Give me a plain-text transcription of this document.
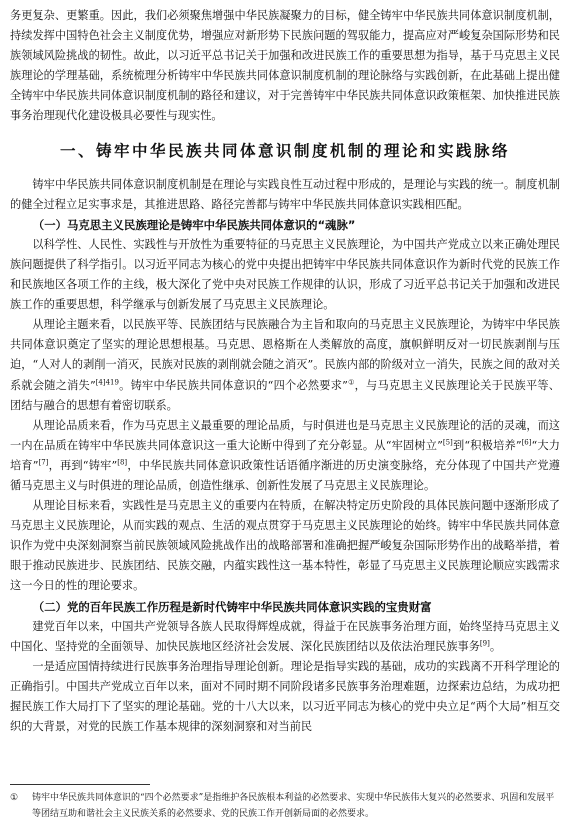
务更复杂、更繁重。因此，我们必须聚焦增强中华民族凝聚力的目标，健全铸牢中华民族共同体意识制度机制，持续发挥中国特色社会主义制度优势，增强应对新形势下民族问题的驾驭能力，提高应对严峻复杂国际形势和民族领域风险挑战的韧性。故此，以习近平总书记关于加强和改进民族工作的重要思想为指导，基于马克思主义民族理论的学理基础，系统梳理分析铸牢中华民族共同体意识制度机制的理论脉络与实践创新，在此基础上提出健全铸牢中华民族共同体意识制度机制的路径和建议，对于完善铸牢中华民族共同体意识政策框架、加快推进民族事务治理现代化建设极具必要性与现实性。

一、铸牢中华民族共同体意识制度机制的理论和实践脉络

铸牢中华民族共同体意识制度机制是在理论与实践良性互动过程中形成的，是理论与实践的统一。制度机制的健全过程立足实事求是，其推进思路、路径完善都与铸牢中华民族共同体意识实践相匹配。

（一）马克思主义民族理论是铸牢中华民族共同体意识的“魂脉”

以科学性、人民性、实践性与开放性为重要特征的马克思主义民族理论，为中国共产党成立以来正确处理民族问题提供了科学指引。以习近平同志为核心的党中央提出把铸牢中华民族共同体意识作为新时代党的民族工作和民族地区各项工作的主线，极大深化了党中央对民族工作规律的认识，形成了习近平总书记关于加强和改进民族工作的重要思想，科学继承与创新发展了马克思主义民族理论。

从理论主题来看，以民族平等、民族团结与民族融合为主旨和取向的马克思主义民族理论，为铸牢中华民族共同体意识奠定了坚实的理论思想根基。马克思、恩格斯在人类解放的高度，旗帜鲜明反对一切民族剥削与压迫，“人对人的剥削一消灭，民族对民族的剥削就会随之消灭”。民族内部的阶级对立一消失，民族之间的敌对关系就会随之消失”$^{[4]419}$。铸牢中华民族共同体意识的“四个必然要求”①，与马克思主义民族理论关于民族平等、团结与融合的思想有着密切联系。

从理论品质来看，作为马克思主义最重要的理论品质，与时俱进也是马克思主义民族理论的活的灵魂，而这一内在品质在铸牢中华民族共同体意识这一重大论断中得到了充分彰显。从“牢固树立”[5]到“积极培养”[6]“大力培育”[7]，再到“铸牢”[8]，中华民族共同体意识政策性话语循序渐进的历史演变脉络，充分体现了中国共产党遵循马克思主义与时俱进的理论品质，创造性继承、创新性发展了马克思主义民族理论。

从理论目标来看，实践性是马克思主义的重要内在特质，在解决特定历史阶段的具体民族问题中逐渐形成了马克思主义民族理论，从而实践的观点、生活的观点贯穿于马克思主义民族理论的始终。铸牢中华民族共同体意识作为党中央深刻洞察当前民族领域风险挑战作出的战略部署和准确把握严峻复杂国际形势作出的战略举措，着眼于推动民族进步、民族团结、民族交融，内蕴实践性这一基本特性，彰显了马克思主义民族理论顺应实践需求这一今日的性的理论要求。

（二）党的百年民族工作历程是新时代铸牢中华民族共同体意识实践的宝贵财富

建党百年以来，中国共产党领导各族人民取得辉煌成就，得益于在民族事务治理方面，始终坚持马克思主义中国化、坚持党的全面领导、加快民族地区经济社会发展、深化民族团结以及依法治理民族事务[9]。

一是适应国情持续进行民族事务治理指导理论创新。理论是指导实践的基础，成功的实践离不开科学理论的正确指引。中国共产党成立百年以来，面对不同时期不同阶段诸多民族事务治理难题，边探索边总结，为成功把握民族工作大局打下了坚实的理论基础。党的十八大以来，以习近平同志为核心的党中央立足“两个大局”相互交织的大背景，对党的民族工作基本规律的深刻洞察和对当前民

① 铸牢中华民族共同体意识的“四个必然要求”是指维护各民族根本利益的必然要求、实现中华民族伟大复兴的必然要求、巩固和发展平等团结互助和谐社会主义民族关系的必然要求、党的民族工作开创新局面的必然要求。
